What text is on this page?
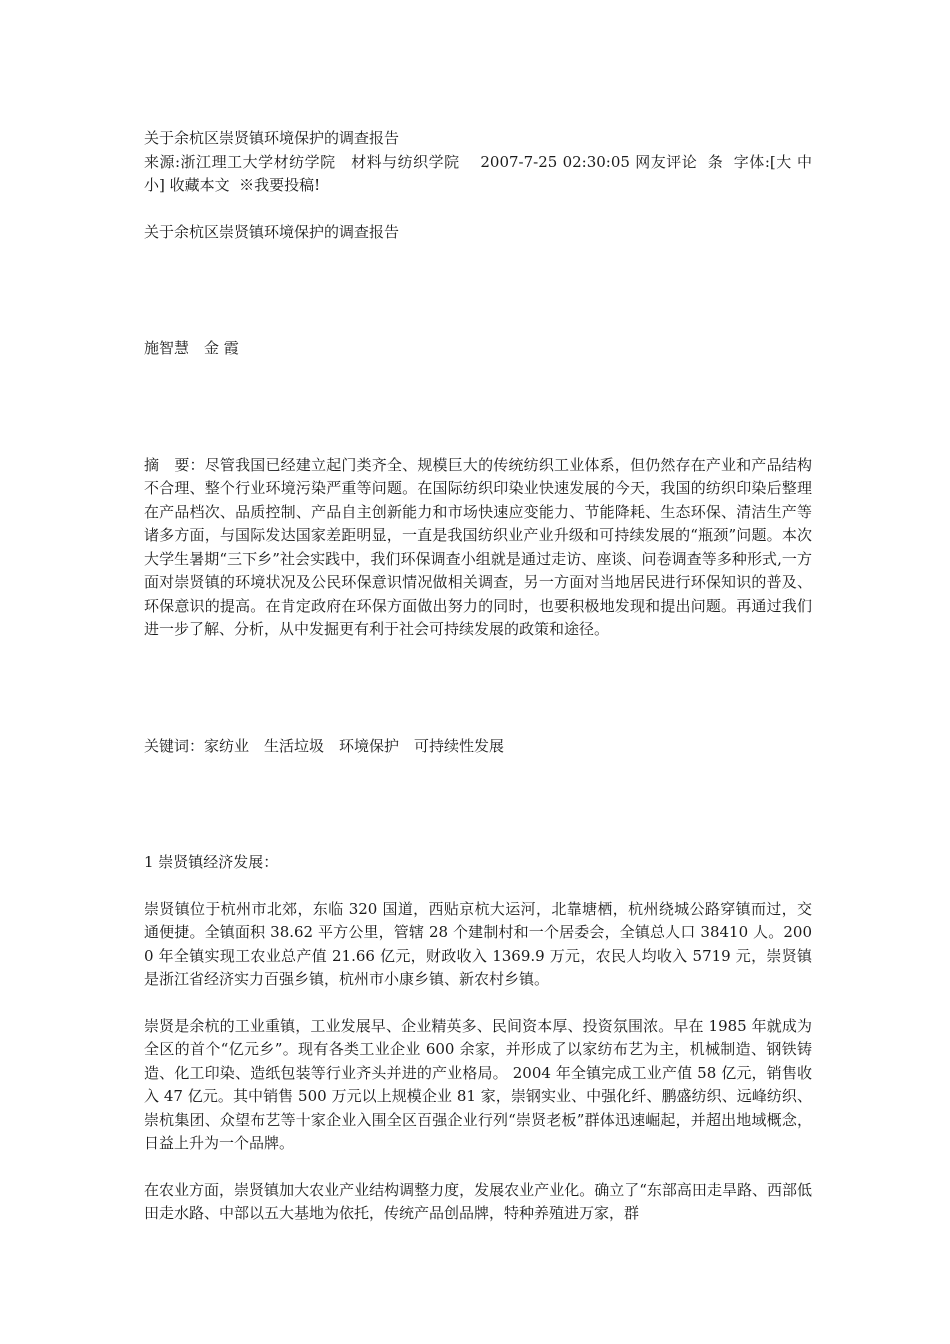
关于余杭区崇贤镇环境保护的调查报告

来源:浙江理工大学材纺学院　材料与纺织学院　 2007-7-25 02:30:05 网友评论  条  字体:[大 中  小] 收藏本文  ※我要投稿!

关于余杭区崇贤镇环境保护的调查报告

施智慧　金 霞

摘　要：尽管我国已经建立起门类齐全、规模巨大的传统纺织工业体系，但仍然存在产业和产品结构不合理、整个行业环境污染严重等问题。在国际纺织印染业快速发展的今天，我国的纺织印染后整理在产品档次、品质控制、产品自主创新能力和市场快速应变能力、节能降耗、生态环保、清洁生产等诸多方面，与国际发达国家差距明显，一直是我国纺织业产业升级和可持续发展的“瓶颈”问题。本次大学生暑期“三下乡”社会实践中，我们环保调查小组就是通过走访、座谈、问卷调查等多种形式,一方面对崇贤镇的环境状况及公民环保意识情况做相关调查，另一方面对当地居民进行环保知识的普及、环保意识的提高。在肯定政府在环保方面做出努力的同时，也要积极地发现和提出问题。再通过我们进一步了解、分析，从中发掘更有利于社会可持续发展的政策和途径。

关键词：家纺业　生活垃圾　环境保护　可持续性发展

1 崇贤镇经济发展：

崇贤镇位于杭州市北郊，东临 320 国道，西贴京杭大运河，北靠塘栖，杭州绕城公路穿镇而过，交通便捷。全镇面积 38.62 平方公里，管辖 28 个建制村和一个居委会，全镇总人口 38410 人。2000 年全镇实现工农业总产值 21.66 亿元，财政收入 1369.9 万元，农民人均收入 5719 元，崇贤镇是浙江省经济实力百强乡镇，杭州市小康乡镇、新农村乡镇。

崇贤是余杭的工业重镇，工业发展早、企业精英多、民间资本厚、投资氛围浓。早在 1985 年就成为全区的首个“亿元乡”。现有各类工业企业 600 余家，并形成了以家纺布艺为主，机械制造、钢铁铸造、化工印染、造纸包装等行业齐头并进的产业格局。 2004 年全镇完成工业产值 58 亿元，销售收入 47 亿元。其中销售 500 万元以上规模企业 81 家，崇钢实业、中强化纤、鹏盛纺织、远峰纺织、崇杭集团、众望布艺等十家企业入围全区百强企业行列“崇贤老板”群体迅速崛起，并超出地域概念，日益上升为一个品牌。

在农业方面，崇贤镇加大农业产业结构调整力度，发展农业产业化。确立了“东部高田走旱路、西部低田走水路、中部以五大基地为依托，传统产品创品牌，特种养殖进万家，群
